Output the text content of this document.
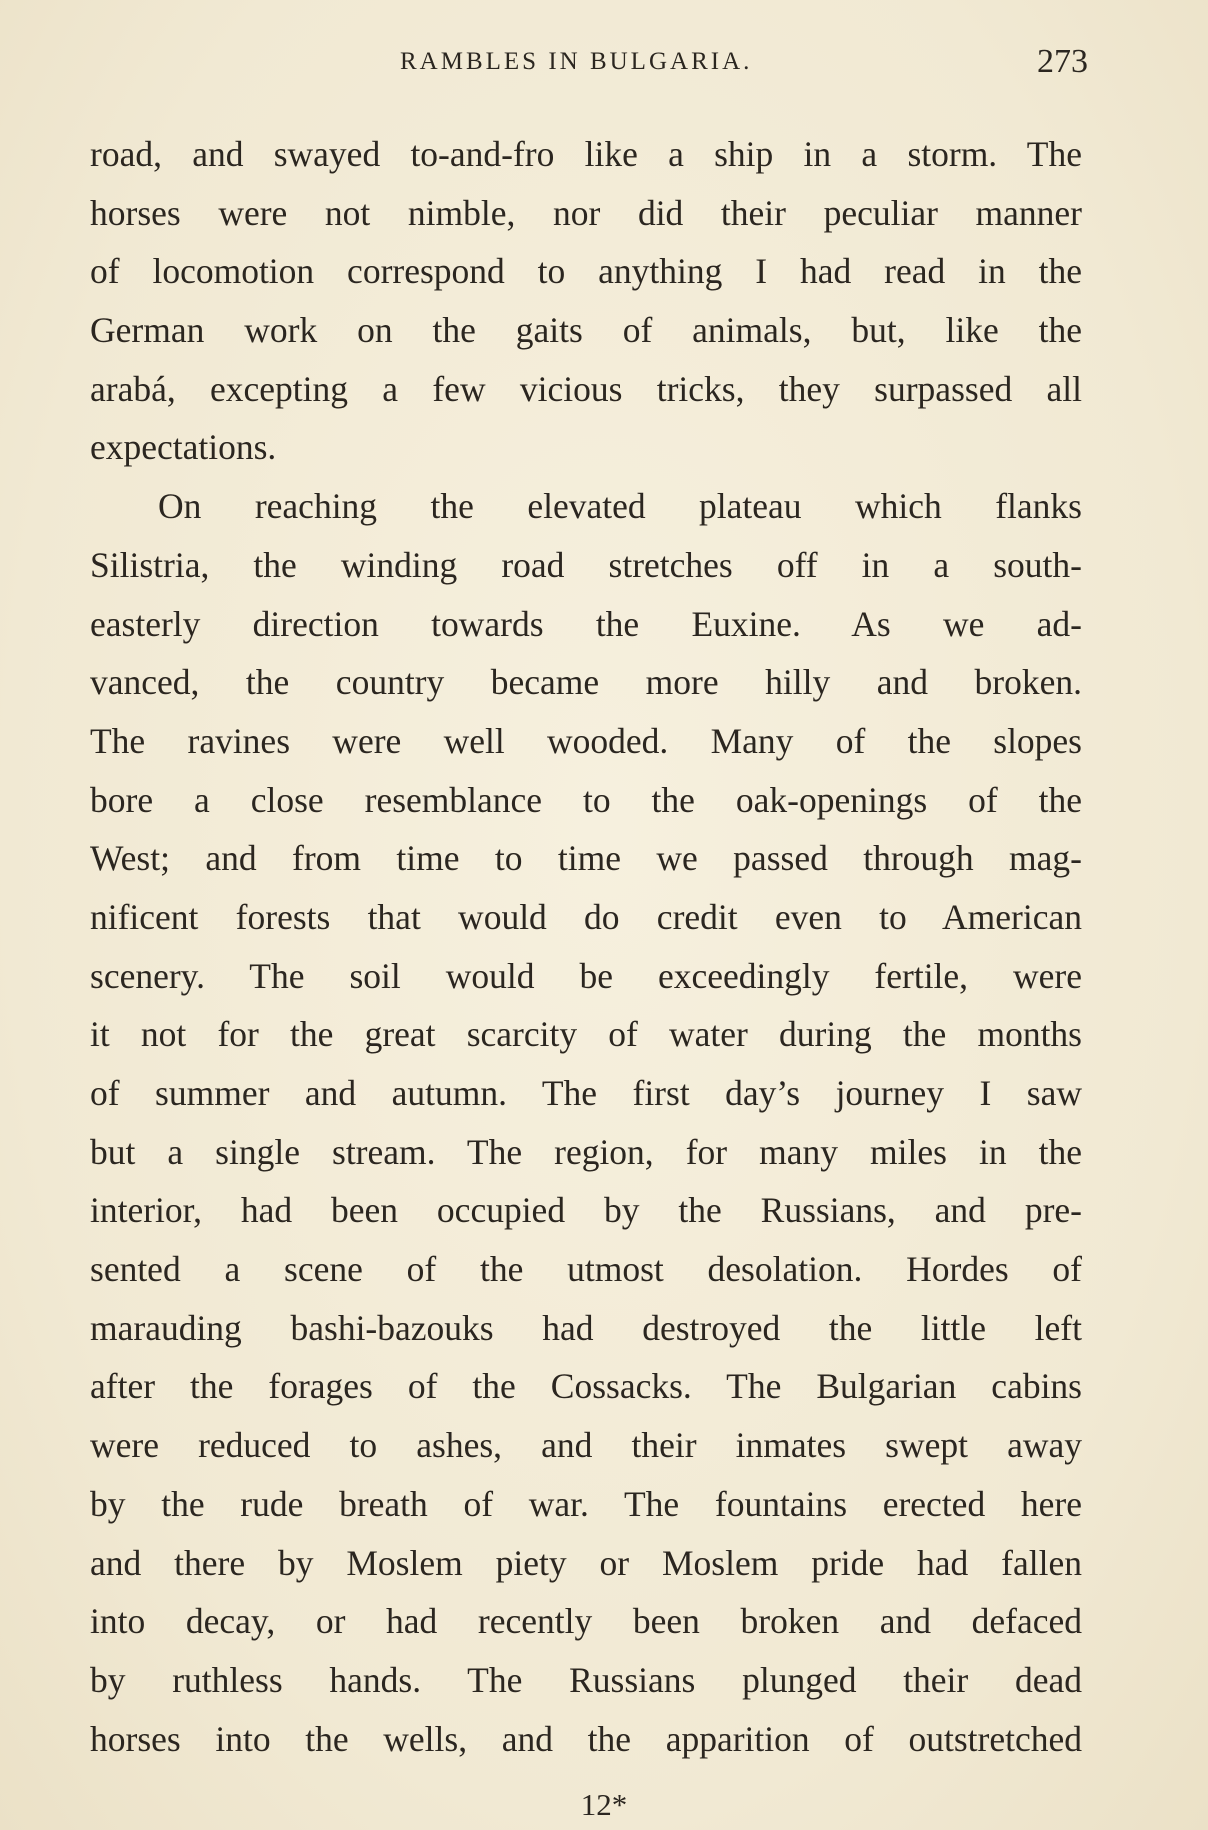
RAMBLES IN BULGARIA.	273
road, and swayed to-and-fro like a ship in a storm. The
horses were not nimble, nor did their peculiar manner
of locomotion correspond to anything I had read in the
German work on the gaits of animals, but, like the
arabá, excepting a few vicious tricks, they surpassed all
expectations.
On reaching the elevated plateau which flanks
Silistria, the winding road stretches off in a south-
easterly direction towards the Euxine. As we ad-
vanced, the country became more hilly and broken.
The ravines were well wooded. Many of the slopes
bore a close resemblance to the oak-openings of the
West; and from time to time we passed through mag-
nificent forests that would do credit even to American
scenery. The soil would be exceedingly fertile, were
it not for the great scarcity of water during the months
of summer and autumn. The first day’s journey I saw
but a single stream. The region, for many miles in the
interior, had been occupied by the Russians, and pre-
sented a scene of the utmost desolation. Hordes of
marauding bashi-bazouks had destroyed the little left
after the forages of the Cossacks. The Bulgarian cabins
were reduced to ashes, and their inmates swept away
by the rude breath of war. The fountains erected here
and there by Moslem piety or Moslem pride had fallen
into decay, or had recently been broken and defaced
by ruthless hands. The Russians plunged their dead
horses into the wells, and the apparition of outstretched
12*
